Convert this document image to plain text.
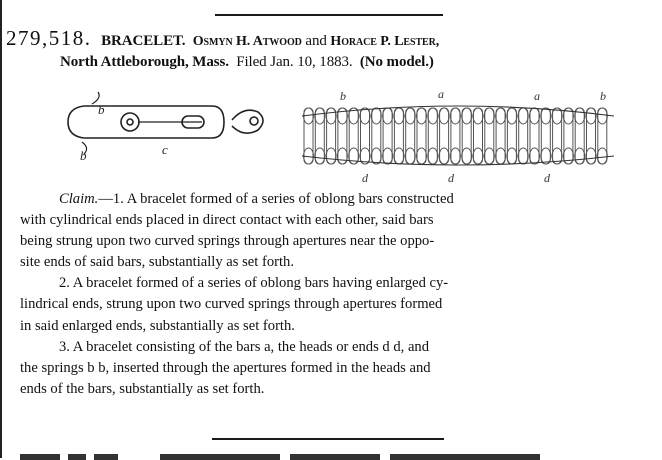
279,518. BRACELET. Osmyn H. Atwood and Horace P. Lester,
North Attleborough, Mass. Filed Jan. 10, 1883. (No model.)
b
b	c
b	a	a
d	d	d
b

Claim.—1. A bracelet formed of a series of oblong bars constructed

with cylindrical ends placed in direct contact with each other, said bars
being strung upon two curved springs through apertures near the oppo-
site ends of said bars, substantially as set forth.

2. A bracelet formed of a series of oblong bars having enlarged cy-

lindrical ends, strung upon two curved springs through apertures formed
in said enlarged ends, substantially as set forth.

3. A bracelet consisting of the bars a, the heads or ends d d, and

the springs b b, inserted through the apertures formed in the heads and
ends of the bars, substantially as set forth.
